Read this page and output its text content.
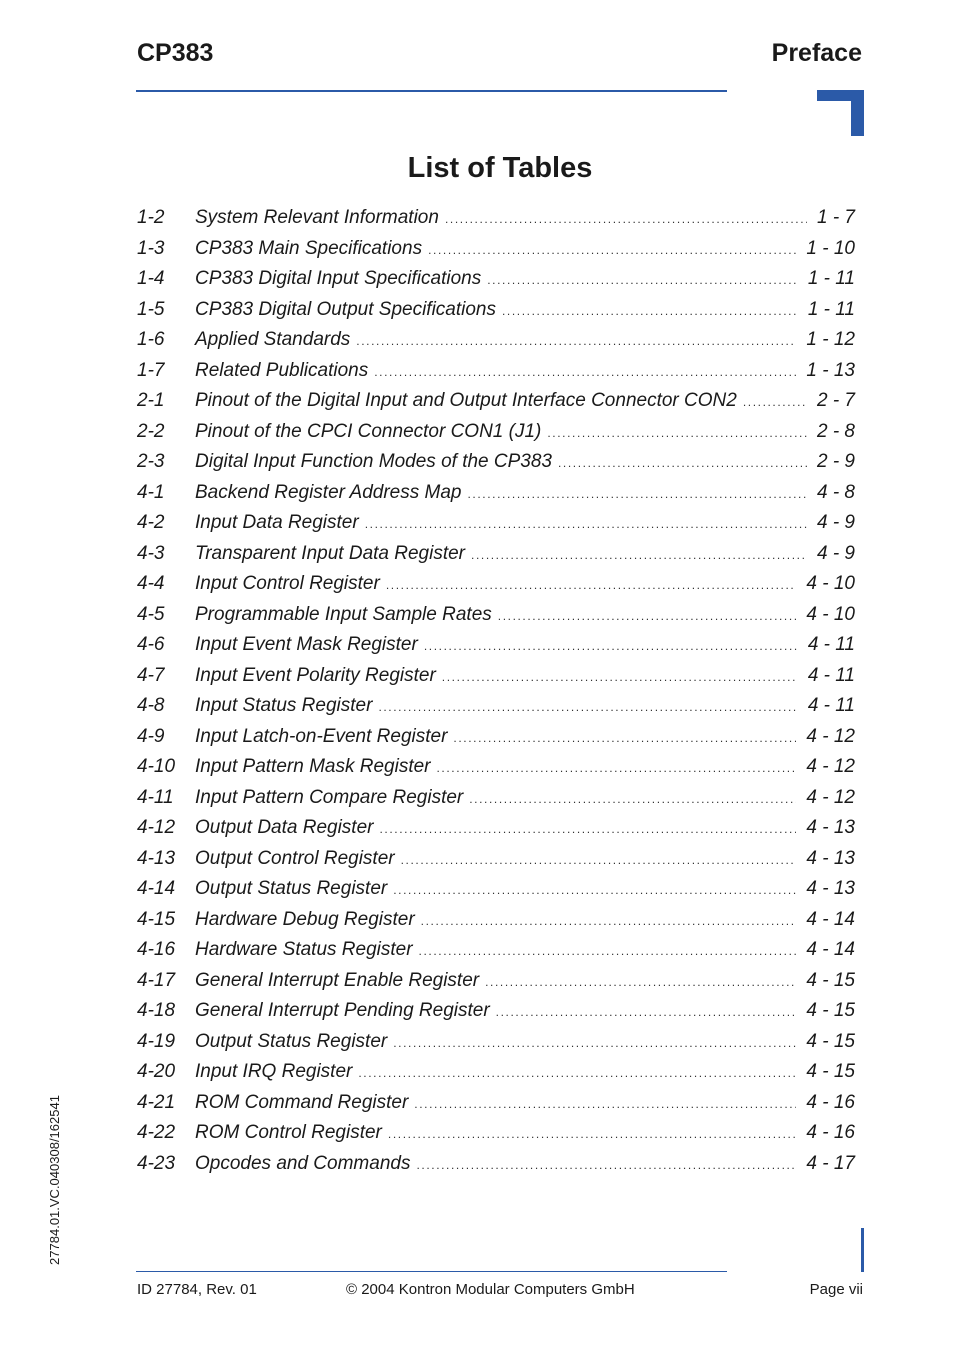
CP383	Preface
List of Tables
1-2	System Relevant Information .....	1 - 7
1-3	CP383 Main Specifications .....	1 - 10
1-4	CP383 Digital Input Specifications .....	1 - 11
1-5	CP383 Digital Output Specifications .....	1 - 11
1-6	Applied Standards .....	1 - 12
1-7	Related Publications .....	1 - 13
2-1	Pinout of the Digital Input and Output Interface Connector CON2 .....	2 - 7
2-2	Pinout of the CPCI Connector CON1 (J1) .....	2 - 8
2-3	Digital Input Function Modes of the CP383 .....	2 - 9
4-1	Backend Register Address Map .....	4 - 8
4-2	Input Data Register .....	4 - 9
4-3	Transparent Input Data Register .....	4 - 9
4-4	Input Control Register .....	4 - 10
4-5	Programmable Input Sample Rates .....	4 - 10
4-6	Input Event Mask Register .....	4 - 11
4-7	Input Event Polarity Register .....	4 - 11
4-8	Input Status Register .....	4 - 11
4-9	Input Latch-on-Event Register .....	4 - 12
4-10	Input Pattern Mask Register .....	4 - 12
4-11	Input Pattern Compare Register .....	4 - 12
4-12	Output Data Register .....	4 - 13
4-13	Output Control Register .....	4 - 13
4-14	Output Status Register .....	4 - 13
4-15	Hardware Debug Register .....	4 - 14
4-16	Hardware Status Register .....	4 - 14
4-17	General Interrupt Enable Register .....	4 - 15
4-18	General Interrupt Pending Register .....	4 - 15
4-19	Output Status Register .....	4 - 15
4-20	Input IRQ Register .....	4 - 15
4-21	ROM Command Register .....	4 - 16
4-22	ROM Control Register .....	4 - 16
4-23	Opcodes and Commands .....	4 - 17
27784.01.VC.040308/162541
ID 27784, Rev. 01	© 2004 Kontron Modular Computers GmbH	Page vii
